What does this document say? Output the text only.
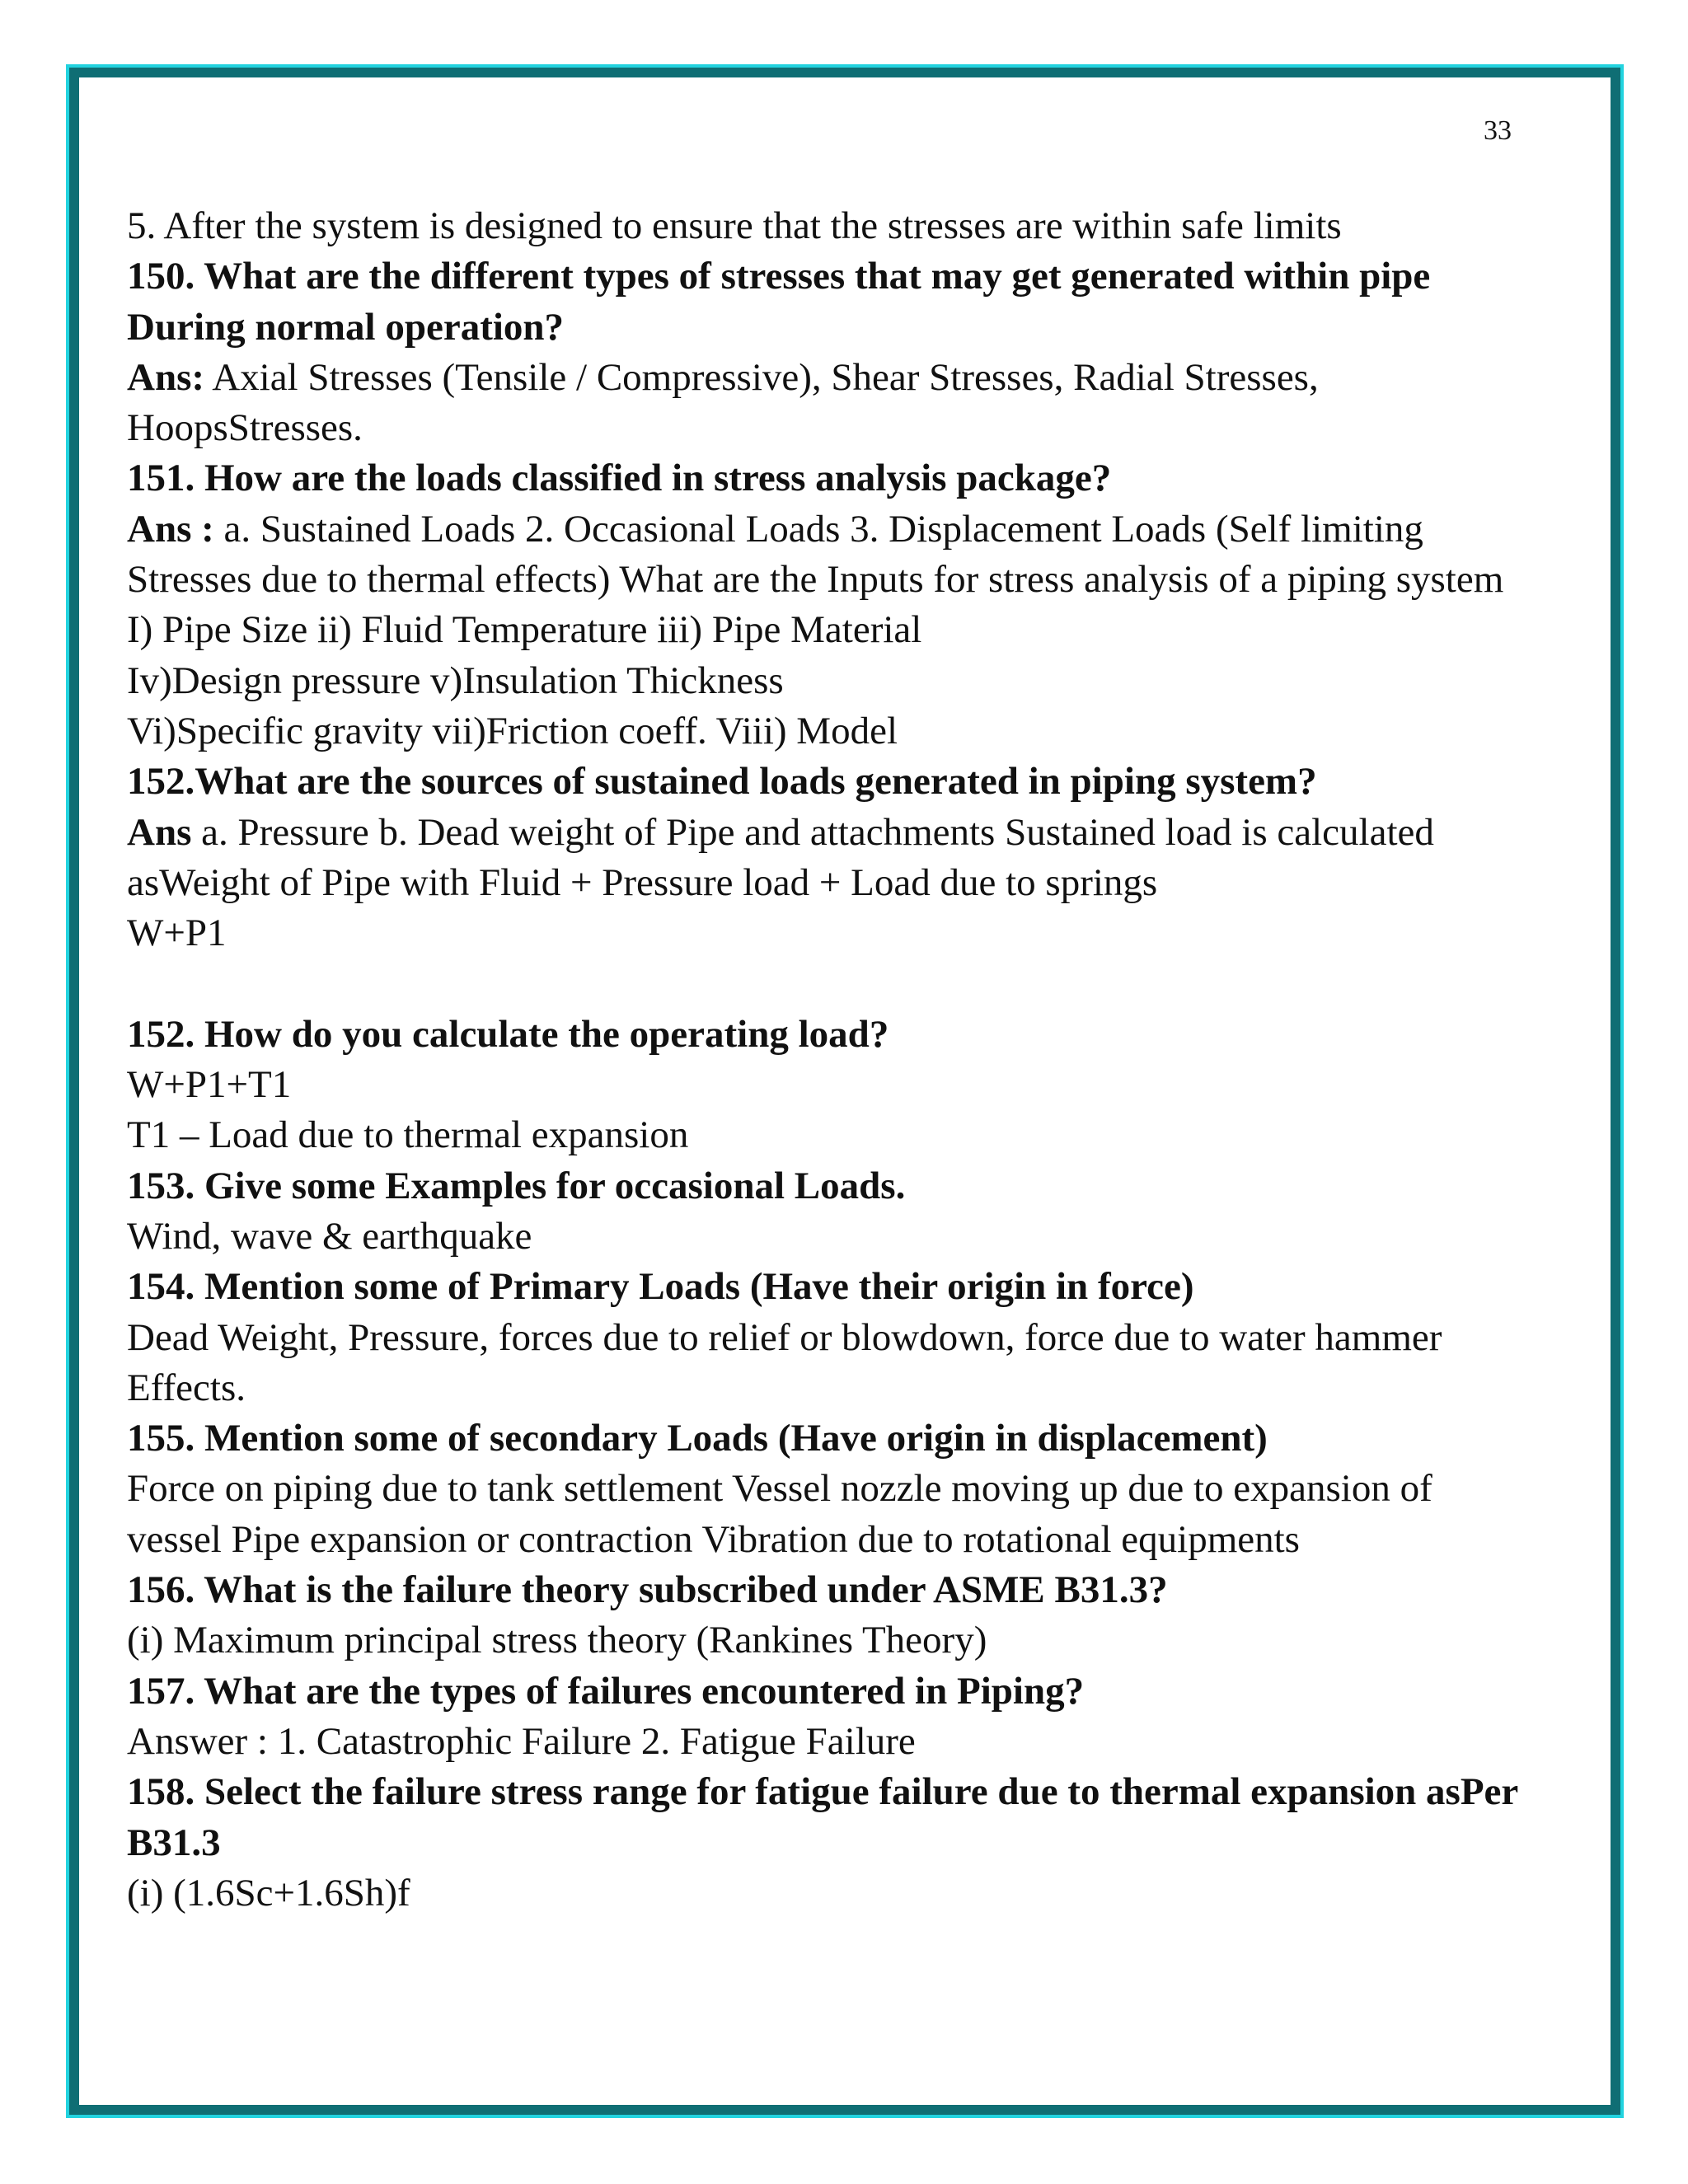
33

5. After the system is designed to ensure that the stresses are within safe limits

150. What are the different types of stresses that may get generated within pipe During normal operation?

Ans: Axial Stresses (Tensile / Compressive), Shear Stresses, Radial Stresses, HoopsStresses.

151. How are the loads classified in stress analysis package?

Ans : a. Sustained Loads 2. Occasional Loads 3. Displacement Loads (Self limiting Stresses due to thermal effects) What are the Inputs for stress analysis of a piping system I) Pipe Size ii) Fluid Temperature iii) Pipe Material

Iv)Design pressure v)Insulation Thickness

Vi)Specific gravity vii)Friction coeff. Viii) Model

152.What are the sources of sustained loads generated in piping system?

Ans a. Pressure b. Dead weight of Pipe and attachments Sustained load is calculated asWeight of Pipe with Fluid + Pressure load + Load due to springs

W+P1

152. How do you calculate the operating load?

W+P1+T1

T1 – Load due to thermal expansion

153. Give some Examples for occasional Loads.

Wind, wave & earthquake

154. Mention some of Primary Loads (Have their origin in force)

Dead Weight, Pressure, forces due to relief or blowdown, force due to water hammer Effects.

155. Mention some of secondary Loads (Have origin in displacement)

Force on piping due to tank settlement Vessel nozzle moving up due to expansion of vessel Pipe expansion or contraction Vibration due to rotational equipments

156. What is the failure theory subscribed under ASME B31.3?

(i) Maximum principal stress theory (Rankines Theory)

157. What are the types of failures encountered in Piping?

Answer : 1. Catastrophic Failure 2. Fatigue Failure

158. Select the failure stress range for fatigue failure due to thermal expansion asPer B31.3

(i) (1.6Sc+1.6Sh)f
